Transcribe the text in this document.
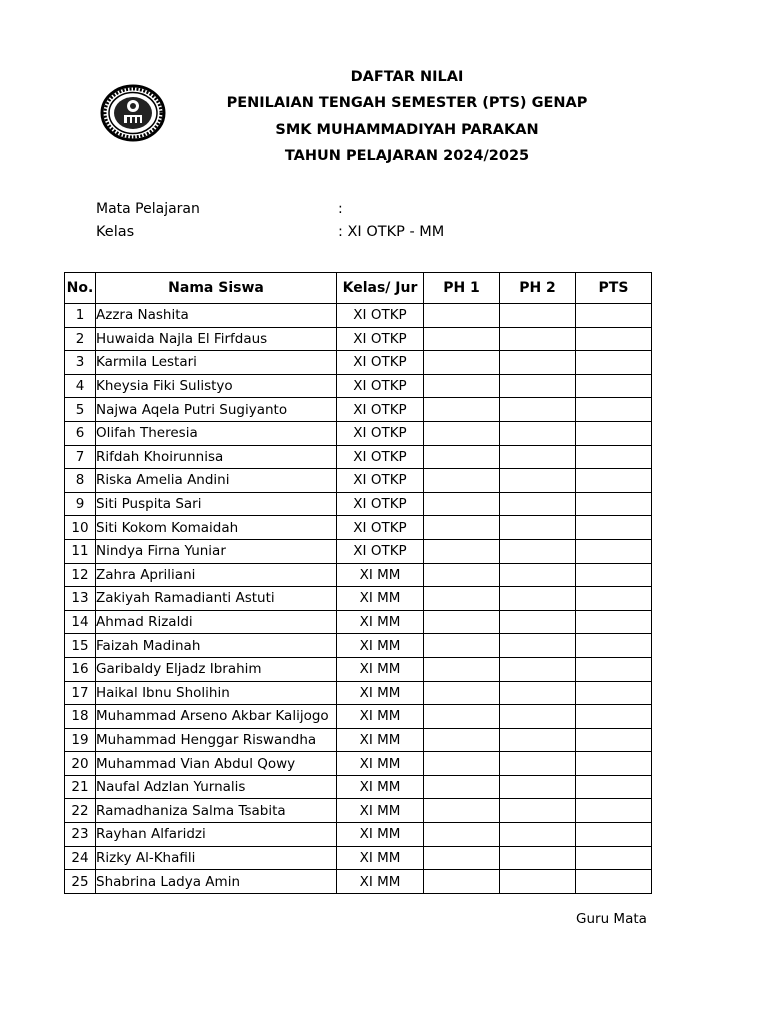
DAFTAR NILAI
PENILAIAN TENGAH SEMESTER (PTS) GENAP
SMK MUHAMMADIYAH PARAKAN
TAHUN PELAJARAN 2024/2025
Mata Pelajaran	:
Kelas	: XI OTKP - MM
No.	Nama Siswa	Kelas/ Jur	PH 1	PH 2	PTS
1	Azzra Nashita	XI OTKP			
2	Huwaida Najla El Firfdaus	XI OTKP			
3	Karmila Lestari	XI OTKP			
4	Kheysia Fiki Sulistyo	XI OTKP			
5	Najwa Aqela Putri Sugiyanto	XI OTKP			
6	Olifah Theresia	XI OTKP			
7	Rifdah Khoirunnisa	XI OTKP			
8	Riska Amelia Andini	XI OTKP			
9	Siti Puspita Sari	XI OTKP			
10	Siti Kokom Komaidah	XI OTKP			
11	Nindya Firna Yuniar	XI OTKP			
12	Zahra Apriliani	XI MM			
13	Zakiyah Ramadianti Astuti	XI MM			
14	Ahmad Rizaldi	XI MM			
15	Faizah Madinah	XI MM			
16	Garibaldy Eljadz Ibrahim	XI MM			
17	Haikal Ibnu Sholihin	XI MM			
18	Muhammad Arseno Akbar Kalijogo	XI MM			
19	Muhammad Henggar Riswandha	XI MM			
20	Muhammad Vian Abdul Qowy	XI MM			
21	Naufal Adzlan Yurnalis	XI MM			
22	Ramadhaniza Salma Tsabita	XI MM			
23	Rayhan Alfaridzi	XI MM			
24	Rizky Al-Khafili	XI MM			
25	Shabrina Ladya Amin	XI MM			
Guru Mata
